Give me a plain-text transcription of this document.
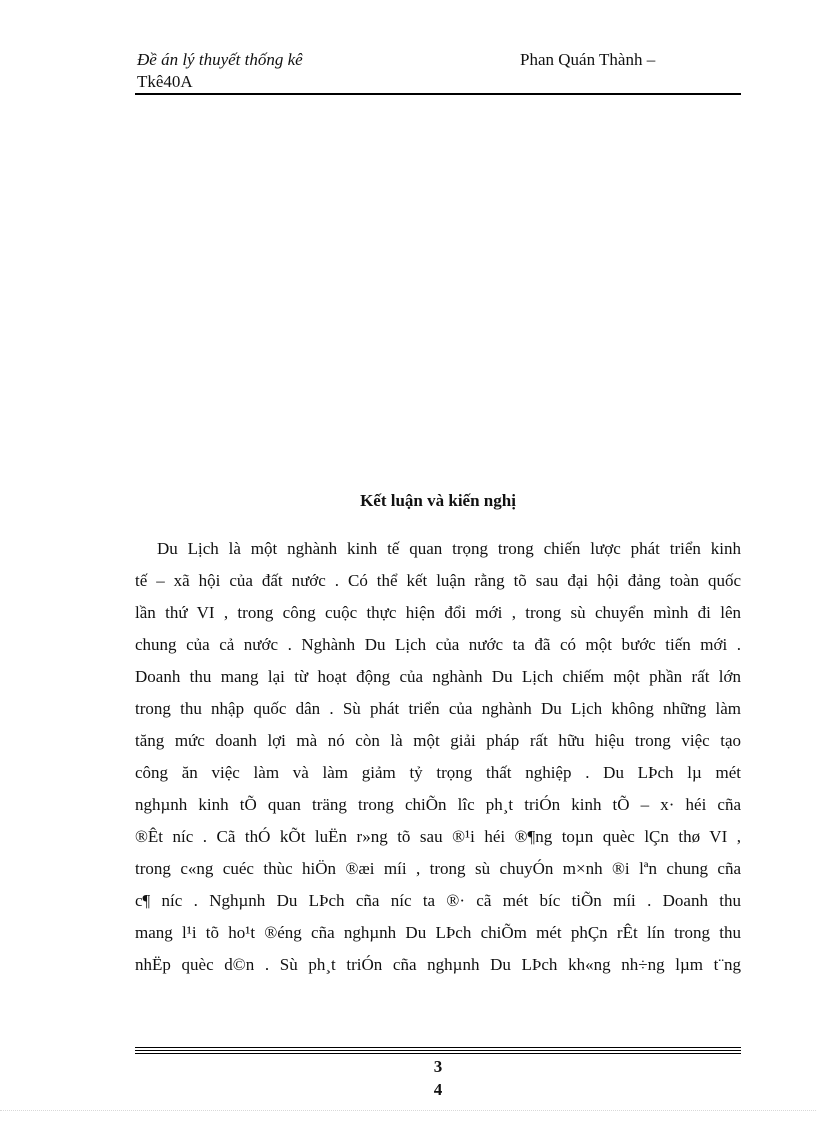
Đề án lý thuyết thống kê	Phan Quán Thành –
Tkê40A
Kết luận và kiến nghị
Du Lịch là một nghành kinh tế quan trọng trong chiến lược phát triển kinh
tế – xã hội của đất nước . Có thể kết luận rằng tõ sau đại hội đảng toàn quốc
lần thứ VI , trong công cuộc thực hiện đổi mới , trong sù chuyển mình đi lên
chung của cả nước . Nghành Du Lịch của nước ta đã có một bước tiến mới .
Doanh thu mang lại từ hoạt động của nghành Du Lịch chiếm một phần rất lớn
trong thu nhập quốc dân . Sù phát triển của nghành Du Lịch không những làm
tăng mức doanh lợi mà nó còn là một giải pháp rất hữu hiệu trong việc tạo
công ăn việc làm và làm giảm tỷ trọng thất nghiệp . Du LÞch lµ mét
nghµnh kinh tÕ quan träng trong chiÕn lîc ph¸t triÓn kinh tÕ – x· héi cña
®Êt níc . Cã thÓ kÕt luËn r»ng tõ sau ®¹i héi ®¶ng toµn quèc lÇn thø VI ,
trong c«ng cuéc thùc hiÖn ®æi míi , trong sù chuyÓn m×nh ®i lªn chung cña
c¶ níc . Nghµnh Du LÞch cña níc ta ®· cã mét bíc tiÕn míi . Doanh thu
mang l¹i tõ ho¹t ®éng cña nghµnh Du LÞch chiÕm mét phÇn rÊt lín trong thu
nhËp quèc d©n . Sù ph¸t triÓn cña nghµnh Du LÞch kh«ng nh÷ng lµm t¨ng
3
4
